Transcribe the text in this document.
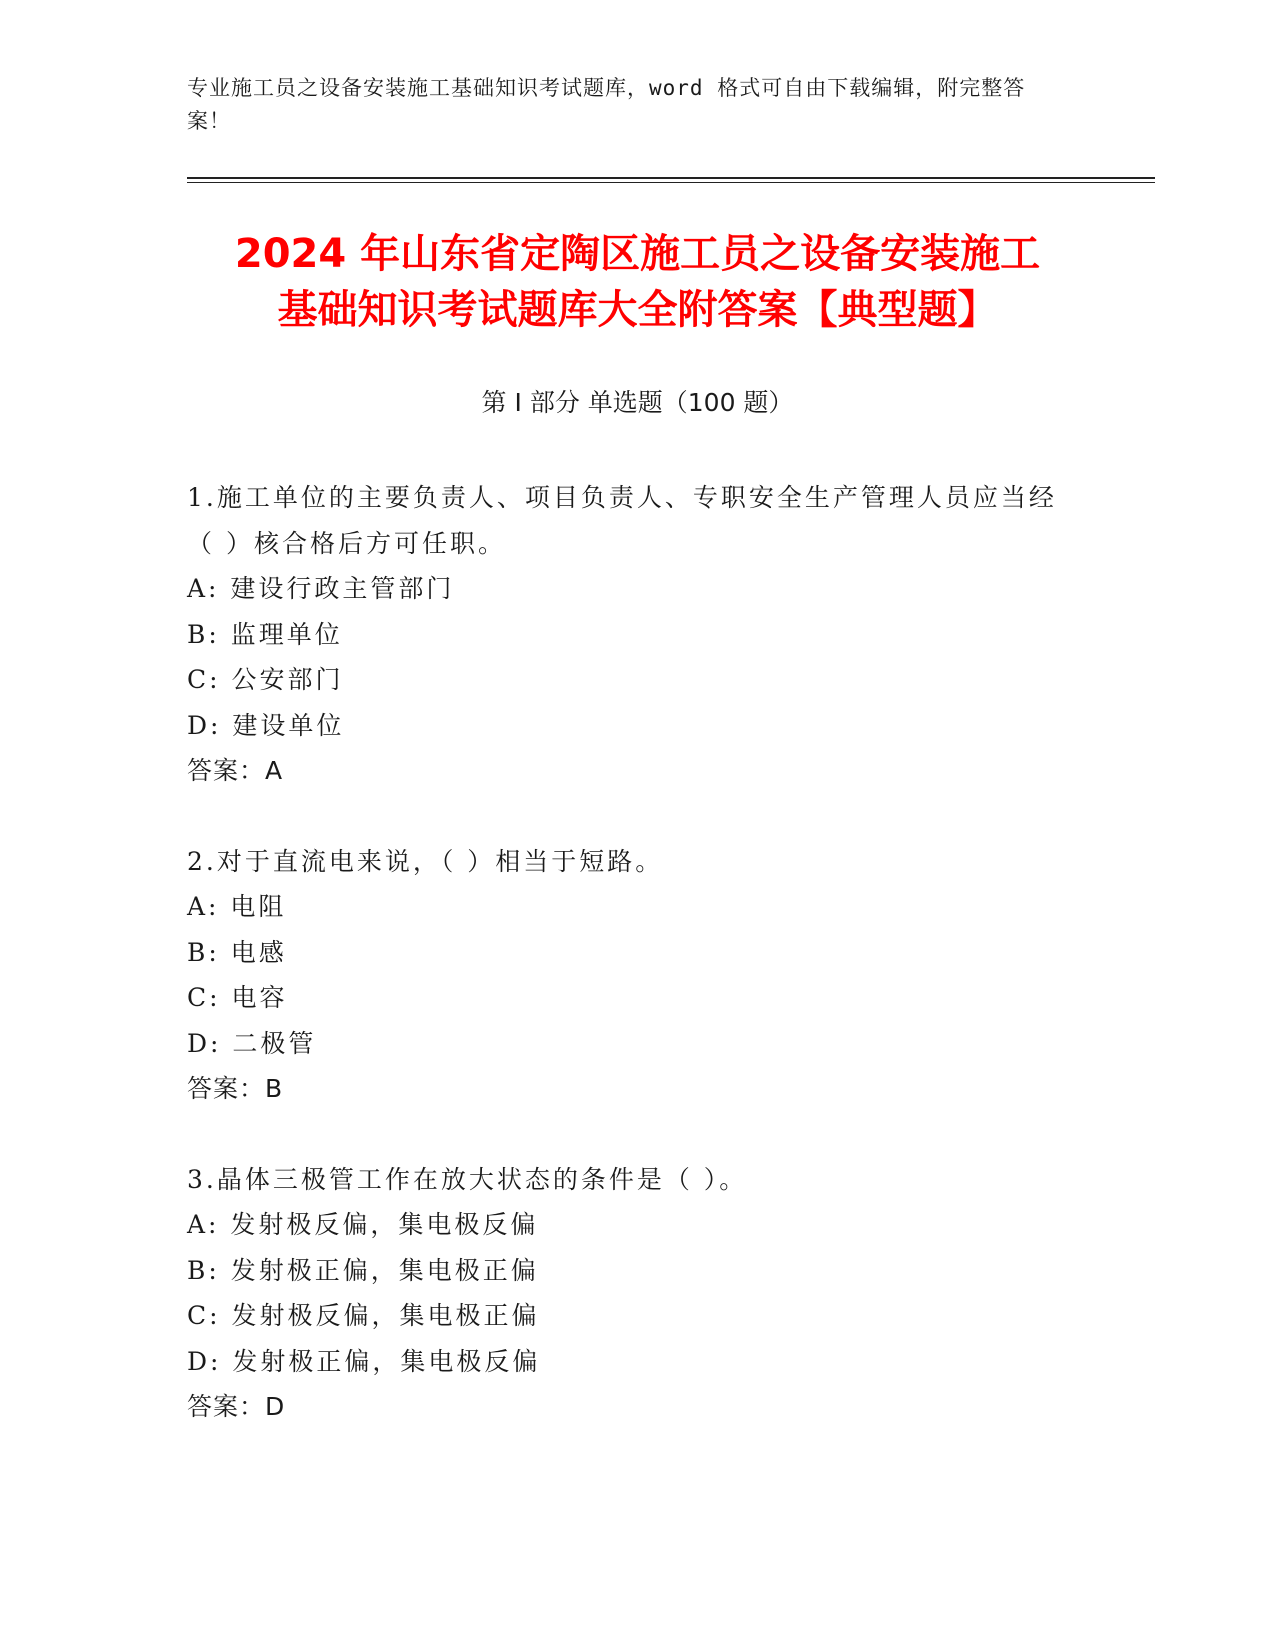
专业施工员之设备安装施工基础知识考试题库，word 格式可自由下载编辑，附完整答案！
2024 年山东省定陶区施工员之设备安装施工
基础知识考试题库大全附答案【典型题】
第 I 部分 单选题（100 题）
1.施工单位的主要负责人、项目负责人、专职安全生产管理人员应当经（ ）核合格后方可任职。
A: 建设行政主管部门
B: 监理单位
C: 公安部门
D: 建设单位
答案：A
2.对于直流电来说，（ ）相当于短路。
A: 电阻
B: 电感
C: 电容
D: 二极管
答案：B
3.晶体三极管工作在放大状态的条件是（ ）。
A: 发射极反偏，集电极反偏
B: 发射极正偏，集电极正偏
C: 发射极反偏，集电极正偏
D: 发射极正偏，集电极反偏
答案：D
